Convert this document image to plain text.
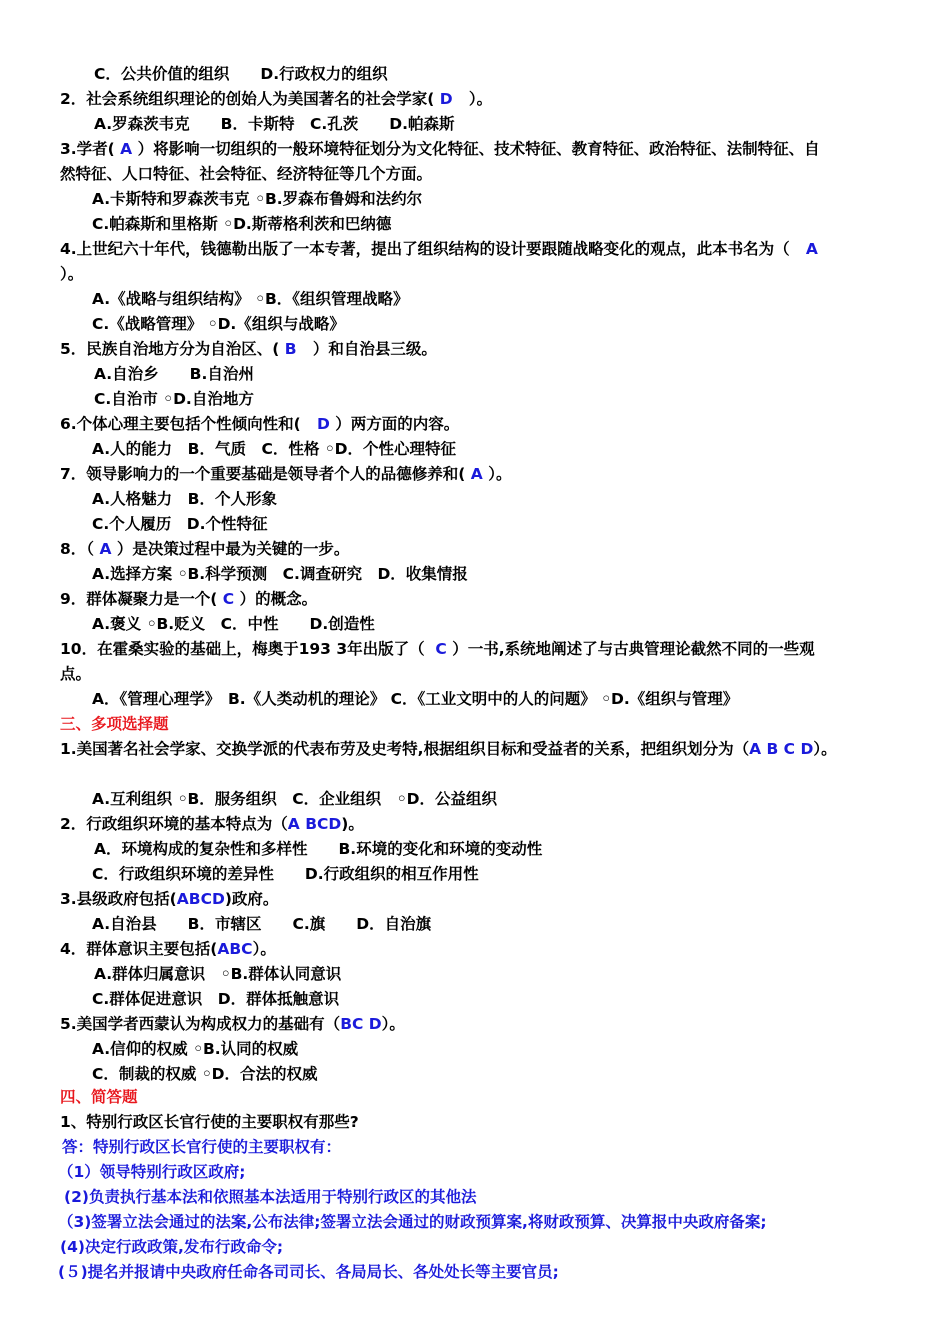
C．公共价值的组织　　D.行政权力的组织
2．社会系统组织理论的创始人为美国著名的社会学家( D ）。
A.罗森茨韦克　　B．卡斯特　C.孔茨　　D.帕森斯
3.学者( A ）将影响一切组织的一般环境特征划分为文化特征、技术特征、教育特征、政治特征、法制特征、自
然特征、人口特征、社会特征、经济特征等几个方面。
A.卡斯特和罗森茨韦克 ◦B.罗森布鲁姆和法约尔
C.帕森斯和里格斯 ◦D.斯蒂格利茨和巴纳德
4.上世纪六十年代，钱德勒出版了一本专著，提出了组织结构的设计要跟随战略变化的观点，此本书名为（ A
）。
A.《战略与组织结构》 ◦B．《组织管理战略》
C.《战略管理》 ◦D.《组织与战略》
5．民族自治地方分为自治区、( B ）和自治县三级。
A.自治乡　　B.自治州
C.自治市 ◦D.自治地方
6.个体心理主要包括个性倾向性和( D ）两方面的内容。
A.人的能力　B．气质　C．性格 ◦D．个性心理特征
7．领导影响力的一个重要基础是领导者个人的品德修养和( A ）。
A.人格魅力　B．个人形象
C.个人履历　D.个性特征
8．（ A ）是决策过程中最为关键的一步。
A.选择方案 ◦B.科学预测　C.调查研究　D．收集情报
9．群体凝聚力是一个( C ）的概念。
A.褒义 ◦B.贬义　C．中性　　D.创造性
10．在霍桑实验的基础上，梅奥于193 3年出版了（ C ）一书,系统地阐述了与古典管理论截然不同的一些观
点。
A．《管理心理学》　B.《人类动机的理论》 C．《工业文明中的人的问题》 ◦D.《组织与管理》
三、多项选择题
1.美国著名社会学家、交换学派的代表布劳及史考特,根据组织目标和受益者的关系，把组织划分为（A B C D）。
A.互利组织 ◦B．服务组织　C．企业组织　◦D．公益组织
2．行政组织环境的基本特点为（A BCD)。
A．环境构成的复杂性和多样性　　B.环境的变化和环境的变动性
C．行政组织环境的差异性　　D.行政组织的相互作用性
3.县级政府包括(ABCD)政府。
A.自治县　　B．市辖区　　C.旗　　D．自治旗
4．群体意识主要包括(ABC）。
A.群体归属意识　◦B.群体认同意识
C.群体促进意识　D．群体抵触意识
5.美国学者西蒙认为构成权力的基础有（BC D）。
A.信仰的权威 ◦B.认同的权威
C．制裁的权威 ◦D．合法的权威
四、简答题
1、特别行政区长官行使的主要职权有那些?
答：特别行政区长官行使的主要职权有：
（1）领导特别行政区政府;
(2)负责执行基本法和依照基本法适用于特别行政区的其他法
（3)签署立法会通过的法案,公布法律;签署立法会通过的财政预算案,将财政预算、决算报中央政府备案;
(4)决定行政政策,发布行政命令;
(５)提名并报请中央政府任命各司司长、各局局长、各处处长等主要官员;
